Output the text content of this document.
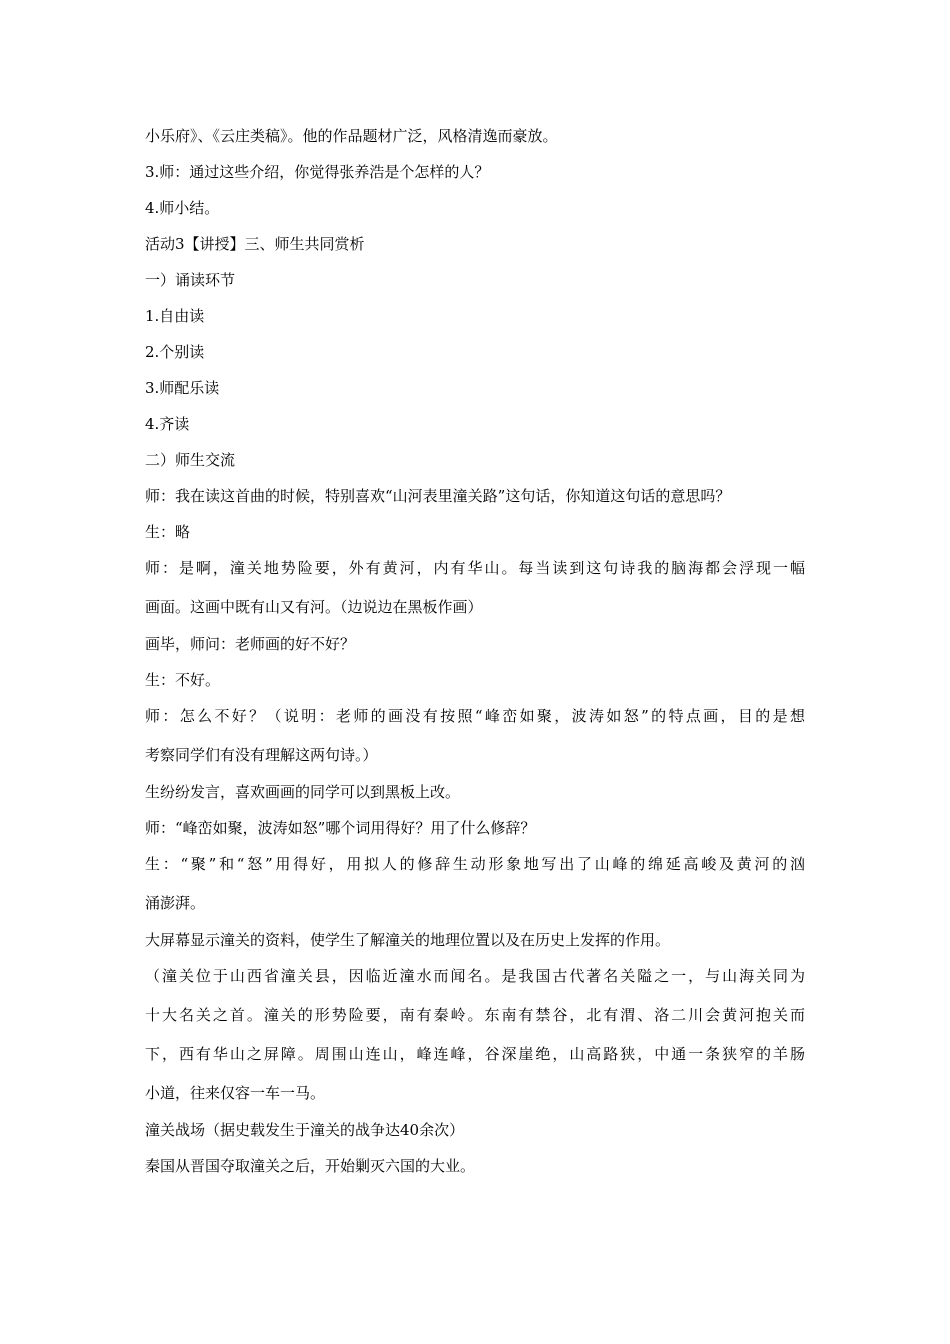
小乐府》、《云庄类稿》。他的作品题材广泛，风格清逸而豪放。
3.师：通过这些介绍，你觉得张养浩是个怎样的人？
4.师小结。
活动3【讲授】三、师生共同赏析
一）诵读环节
1.自由读
2.个别读
3.师配乐读
4.齐读
二）师生交流
师：我在读这首曲的时候，特别喜欢“山河表里潼关路”这句话，你知道这句话的意思吗？
生：略
师：是啊，潼关地势险要，外有黄河，内有华山。每当读到这句诗我的脑海都会浮现一幅
画面。这画中既有山又有河。（边说边在黑板作画）
画毕，师问：老师画的好不好？
生：不好。
师：怎么不好？（说明：老师的画没有按照“峰峦如聚，波涛如怒”的特点画，目的是想
考察同学们有没有理解这两句诗。）
生纷纷发言，喜欢画画的同学可以到黑板上改。
师：“峰峦如聚，波涛如怒”哪个词用得好？用了什么修辞？
生：“聚”和“怒”用得好，用拟人的修辞生动形象地写出了山峰的绵延高峻及黄河的汹
涌澎湃。
大屏幕显示潼关的资料，使学生了解潼关的地理位置以及在历史上发挥的作用。
（潼关位于山西省潼关县，因临近潼水而闻名。是我国古代著名关隘之一，与山海关同为
十大名关之首。潼关的形势险要，南有秦岭。东南有禁谷，北有渭、洛二川会黄河抱关而
下，西有华山之屏障。周围山连山，峰连峰，谷深崖绝，山高路狭，中通一条狭窄的羊肠
小道，往来仅容一车一马。
潼关战场（据史载发生于潼关的战争达40余次）
秦国从晋国夺取潼关之后，开始剿灭六国的大业。
